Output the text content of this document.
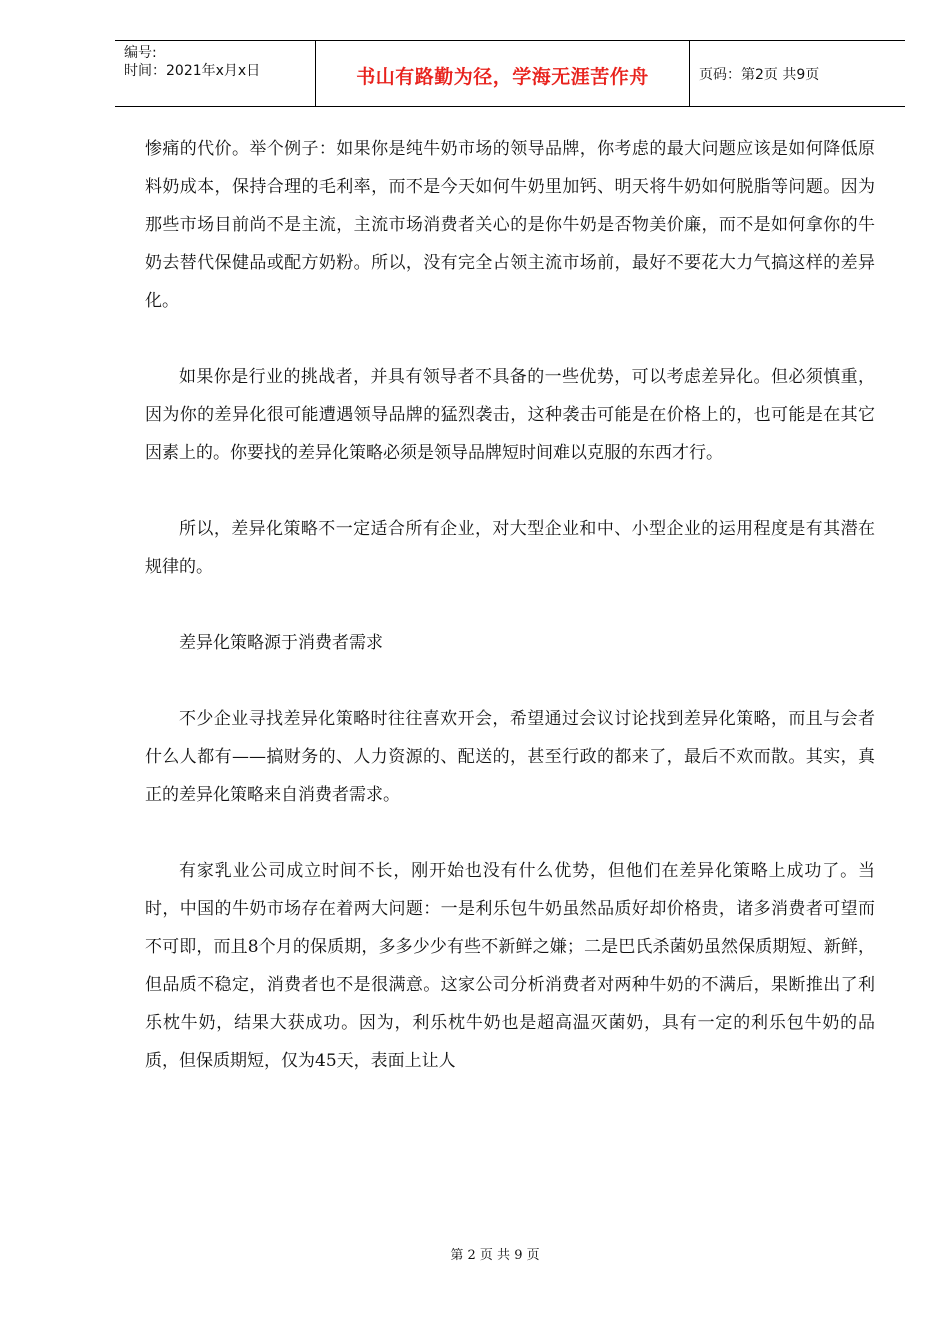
编号:
时间：2021年x月x日	书山有路勤为径，学海无涯苦作舟	页码：第2页 共9页

惨痛的代价。举个例子：如果你是纯牛奶市场的领导品牌，你考虑的最大问题应该是如何降低原料奶成本，保持合理的毛利率，而不是今天如何牛奶里加钙、明天将牛奶如何脱脂等问题。因为那些市场目前尚不是主流，主流市场消费者关心的是你牛奶是否物美价廉，而不是如何拿你的牛奶去替代保健品或配方奶粉。所以，没有完全占领主流市场前，最好不要花大力气搞这样的差异化。

如果你是行业的挑战者，并具有领导者不具备的一些优势，可以考虑差异化。但必须慎重，因为你的差异化很可能遭遇领导品牌的猛烈袭击，这种袭击可能是在价格上的，也可能是在其它因素上的。你要找的差异化策略必须是领导品牌短时间难以克服的东西才行。

所以，差异化策略不一定适合所有企业，对大型企业和中、小型企业的运用程度是有其潜在规律的。

差异化策略源于消费者需求

不少企业寻找差异化策略时往往喜欢开会，希望通过会议讨论找到差异化策略，而且与会者什么人都有——搞财务的、人力资源的、配送的，甚至行政的都来了，最后不欢而散。其实，真正的差异化策略来自消费者需求。

有家乳业公司成立时间不长，刚开始也没有什么优势，但他们在差异化策略上成功了。当时，中国的牛奶市场存在着两大问题：一是利乐包牛奶虽然品质好却价格贵，诸多消费者可望而不可即，而且8个月的保质期，多多少少有些不新鲜之嫌；二是巴氏杀菌奶虽然保质期短、新鲜，但品质不稳定，消费者也不是很满意。这家公司分析消费者对两种牛奶的不满后，果断推出了利乐枕牛奶，结果大获成功。因为，利乐枕牛奶也是超高温灭菌奶，具有一定的利乐包牛奶的品质，但保质期短，仅为45天，表面上让人

第 2 页 共 9 页
